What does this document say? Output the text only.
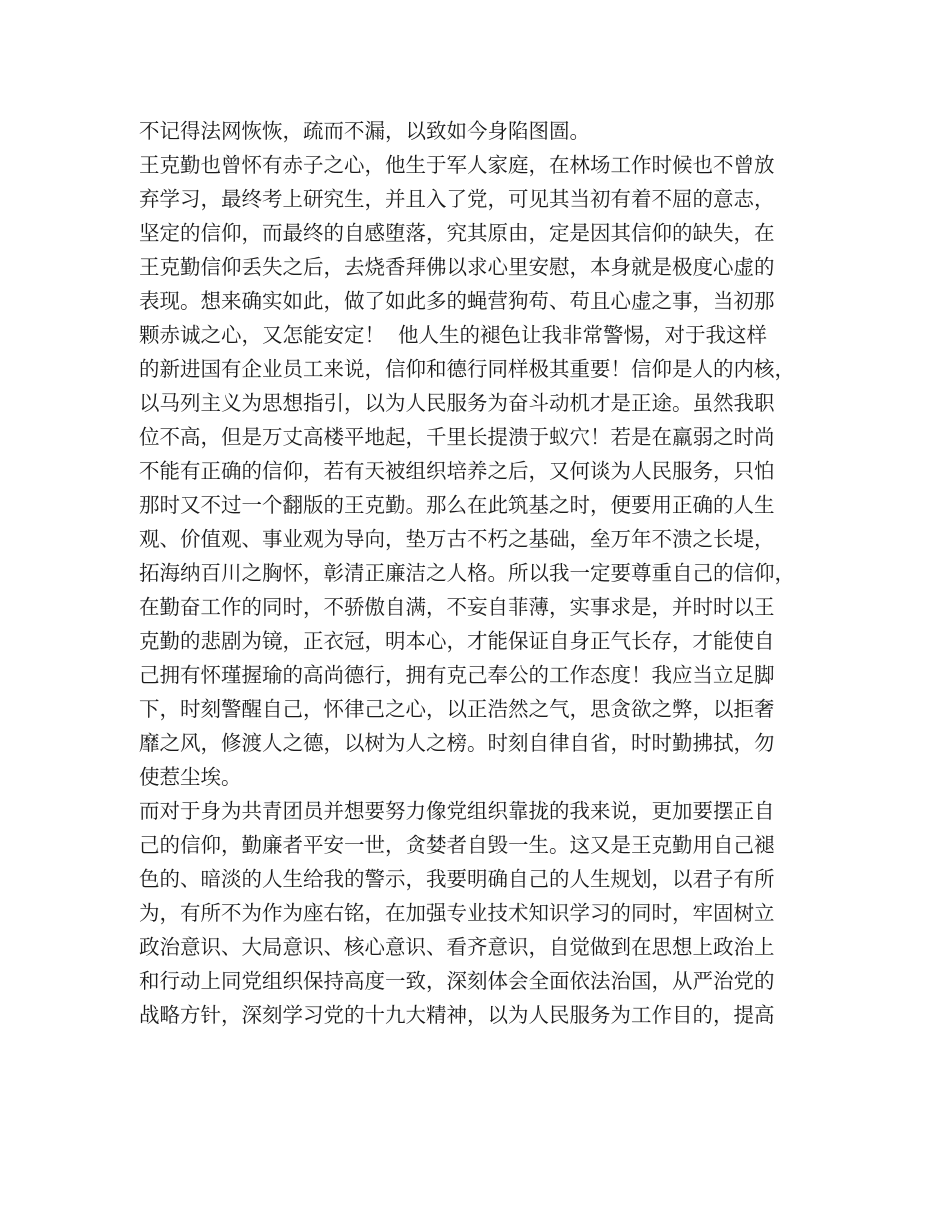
不记得法网恢恢，疏而不漏，以致如今身陷图圄。
王克勤也曾怀有赤子之心，他生于军人家庭，在林场工作时候也不曾放
弃学习，最终考上研究生，并且入了党，可见其当初有着不屈的意志，
坚定的信仰，而最终的自感堕落，究其原由，定是因其信仰的缺失，在
王克勤信仰丢失之后，去烧香拜佛以求心里安慰，本身就是极度心虚的
表现。想来确实如此，做了如此多的蝇营狗苟、苟且心虚之事，当初那
颗赤诚之心，又怎能安定！  他人生的褪色让我非常警惕，对于我这样
的新进国有企业员工来说，信仰和德行同样极其重要！信仰是人的内核，
以马列主义为思想指引，以为人民服务为奋斗动机才是正途。虽然我职
位不高，但是万丈高楼平地起，千里长提溃于蚁穴！若是在羸弱之时尚
不能有正确的信仰，若有天被组织培养之后，又何谈为人民服务，只怕
那时又不过一个翻版的王克勤。那么在此筑基之时，便要用正确的人生
观、价值观、事业观为导向，垫万古不朽之基础，垒万年不溃之长堤，
拓海纳百川之胸怀，彰清正廉洁之人格。所以我一定要尊重自己的信仰，
在勤奋工作的同时，不骄傲自满，不妄自菲薄，实事求是，并时时以王
克勤的悲剧为镜，正衣冠，明本心，才能保证自身正气长存，才能使自
己拥有怀瑾握瑜的高尚德行，拥有克己奉公的工作态度！我应当立足脚
下，时刻警醒自己，怀律己之心，以正浩然之气，思贪欲之弊，以拒奢
靡之风，修渡人之德，以树为人之榜。时刻自律自省，时时勤拂拭，勿
使惹尘埃。
而对于身为共青团员并想要努力像党组织靠拢的我来说，更加要摆正自
己的信仰，勤廉者平安一世，贪婪者自毁一生。这又是王克勤用自己褪
色的、暗淡的人生给我的警示，我要明确自己的人生规划，以君子有所
为，有所不为作为座右铭，在加强专业技术知识学习的同时，牢固树立
政治意识、大局意识、核心意识、看齐意识，自觉做到在思想上政治上
和行动上同党组织保持高度一致，深刻体会全面依法治国，从严治党的
战略方针，深刻学习党的十九大精神，以为人民服务为工作目的，提高
